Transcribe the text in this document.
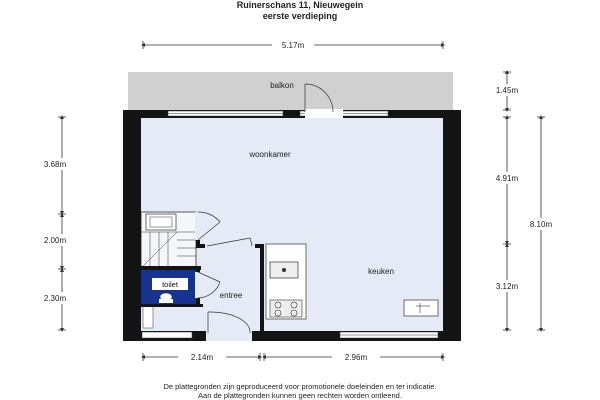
Ruinerschans 11, Nieuwegein
eerste verdieping
balkon
woonkamer
keuken
entree
toilet
5.17m
2.14m	2.96m
3.68m
2.00m
2.30m
1.45m
4.91m
3.12m
8.10m
De plattegronden zijn geproduceerd voor promotionele doeleinden en ter indicatie.
Aan de plattegronden kunnen geen rechten worden ontleend.
